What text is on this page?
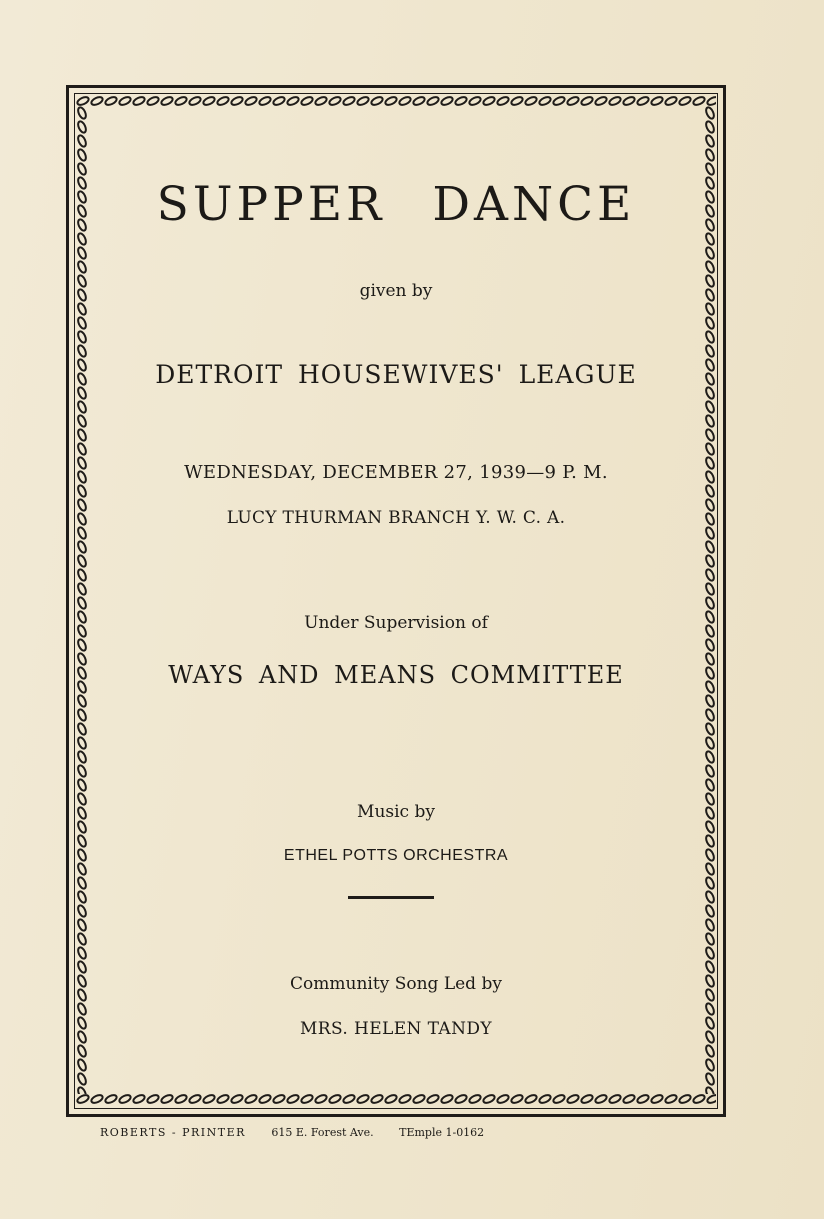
SUPPER DANCE
given by
DETROIT HOUSEWIVES' LEAGUE
WEDNESDAY, DECEMBER 27, 1939—9 P. M.
LUCY THURMAN BRANCH Y. W. C. A.
Under Supervision of
WAYS AND MEANS COMMITTEE
Music by
ETHEL POTTS ORCHESTRA
Community Song Led by
MRS. HELEN TANDY
ROBERTS - PRINTER 615 E. Forest Ave. TEmple 1-0162
